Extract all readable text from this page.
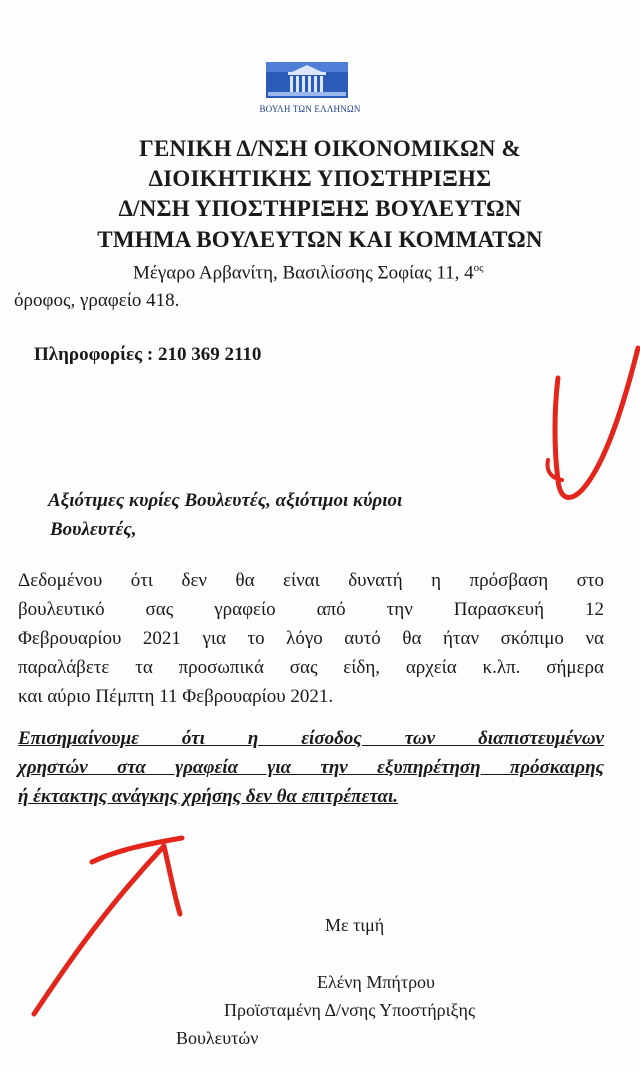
ΒΟΥΛΗ ΤΩΝ ΕΛΛΗΝΩΝ
ΓΕΝΙΚΗ Δ/ΝΣΗ ΟΙΚΟΝΟΜΙΚΩΝ &
ΔΙΟΙΚΗΤΙΚΗΣ ΥΠΟΣΤΗΡΙΞΗΣ
Δ/ΝΣΗ ΥΠΟΣΤΗΡΙΞΗΣ ΒΟΥΛΕΥΤΩΝ
ΤΜΗΜΑ ΒΟΥΛΕΥΤΩΝ ΚΑΙ ΚΟΜΜΑΤΩΝ
Μέγαρο Αρβανίτη, Βασιλίσσης Σοφίας 11, $4^{o\varsigma}$
όροφος, γραφείο 418.
Πληροφορίες : 210 369 2110
Αξιότιμες κυρίες Βουλευτές, αξιότιμοι κύριοι
Βουλευτές,
Δεδομένου ότι δεν θα είναι δυνατή η πρόσβαση στο
βουλευτικό σας γραφείο από την Παρασκευή 12
Φεβρουαρίου 2021 για το λόγο αυτό θα ήταν σκόπιμο να
παραλάβετε τα προσωπικά σας είδη, αρχεία κ.λπ. σήμερα
και αύριο Πέμπτη 11 Φεβρουαρίου 2021.
Επισημαίνουμε ότι η είσοδος των διαπιστευμένων
χρηστών στα γραφεία για την εξυπηρέτηση πρόσκαιρης
ή έκτακτης ανάγκης χρήσης δεν θα επιτρέπεται.
Με τιμή
Ελένη Μπήτρου
Προϊσταμένη Δ/νσης Υποστήριξης
Βουλευτών
